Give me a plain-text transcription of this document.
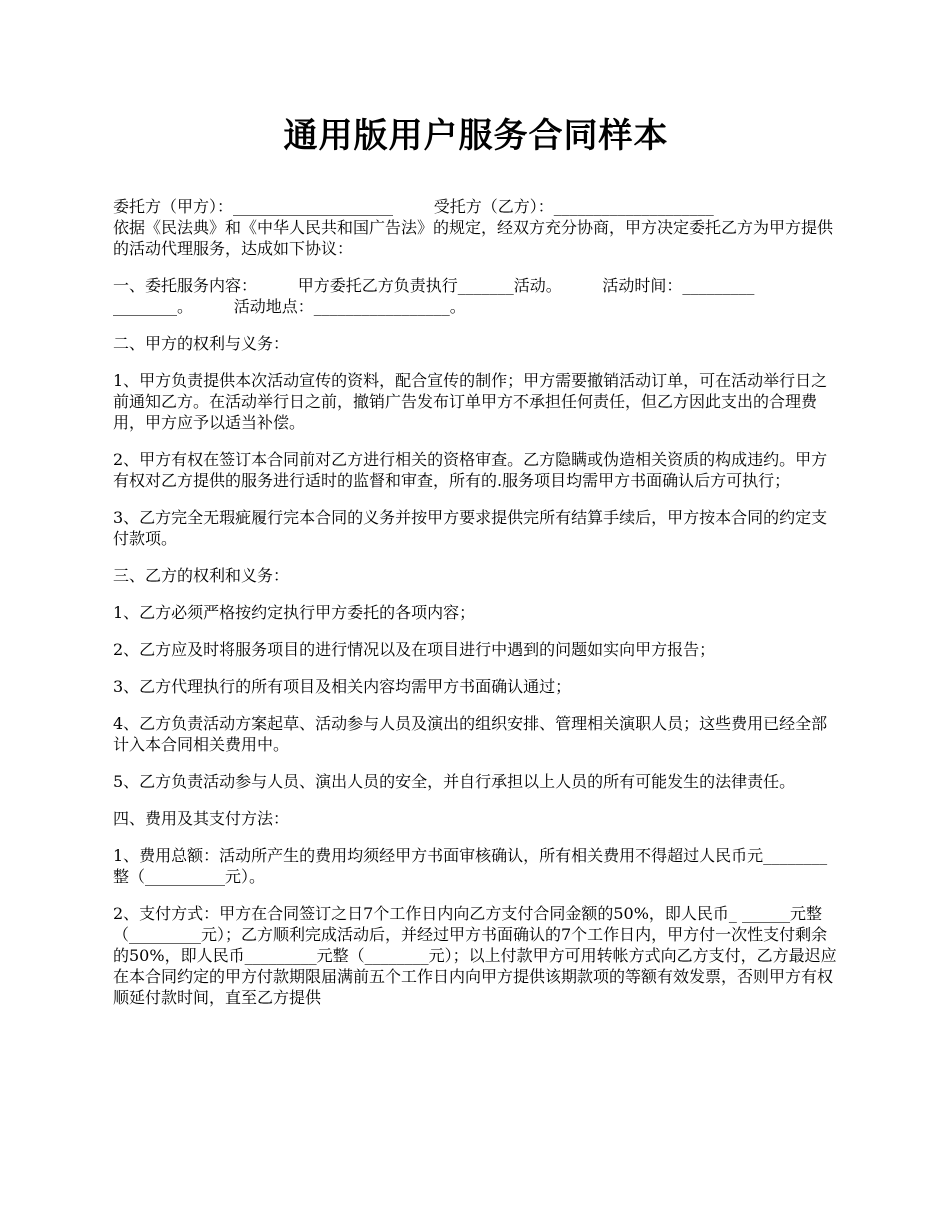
通用版用户服务合同样本
委托方（甲方）：____________________        受托方（乙方）：____________________
依据《民法典》和《中华人民共和国广告法》的规定，经双方充分协商，甲方决定委托乙方为甲方提供的活动代理服务，达成如下协议：
一、委托服务内容：        甲方委托乙方负责执行_______活动。        活动时间：_________ ________。        活动地点：_________________。
二、甲方的权利与义务：
1、甲方负责提供本次活动宣传的资料，配合宣传的制作；甲方需要撤销活动订单，可在活动举行日之前通知乙方。在活动举行日之前，撤销广告发布订单甲方不承担任何责任，但乙方因此支出的合理费用，甲方应予以适当补偿。
2、甲方有权在签订本合同前对乙方进行相关的资格审查。乙方隐瞒或伪造相关资质的构成违约。甲方有权对乙方提供的服务进行适时的监督和审查，所有的.服务项目均需甲方书面确认后方可执行；
3、乙方完全无瑕疵履行完本合同的义务并按甲方要求提供完所有结算手续后，甲方按本合同的约定支付款项。
三、乙方的权利和义务：
1、乙方必须严格按约定执行甲方委托的各项内容；
2、乙方应及时将服务项目的进行情况以及在项目进行中遇到的问题如实向甲方报告；
3、乙方代理执行的所有项目及相关内容均需甲方书面确认通过；
4、乙方负责活动方案起草、活动参与人员及演出的组织安排、管理相关演职人员；这些费用已经全部计入本合同相关费用中。
5、乙方负责活动参与人员、演出人员的安全，并自行承担以上人员的所有可能发生的法律责任。
四、费用及其支付方法：
1、费用总额：活动所产生的费用均须经甲方书面审核确认，所有相关费用不得超过人民币元________整（__________元）。
2、支付方式：甲方在合同签订之日7个工作日内向乙方支付合同金额的50%，即人民币_ ______元整（_________元）；乙方顺利完成活动后，并经过甲方书面确认的7个工作日内，甲方付一次性支付剩余的50%，即人民币_________元整（________元）；以上付款甲方可用转帐方式向乙方支付，乙方最迟应在本合同约定的甲方付款期限届满前五个工作日内向甲方提供该期款项的等额有效发票，否则甲方有权顺延付款时间，直至乙方提供
